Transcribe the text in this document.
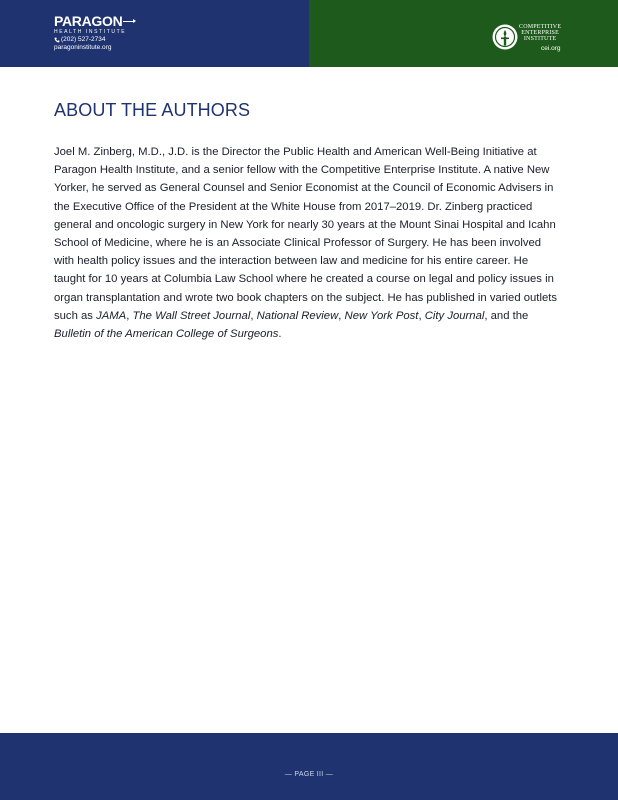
PARAGON
HEALTH INSTITUTE
(202) 527-2734
paragoninstitute.org
COMPETITIVE
ENTERPRISE
INSTITUTE
cei.org
ABOUT THE AUTHORS

Joel M. Zinberg, M.D., J.D. is the Director the Public Health and American Well-Being Initiative at Paragon Health Institute, and a senior fellow with the Competitive Enterprise Institute. A native New Yorker, he served as General Counsel and Senior Economist at the Council of Economic Advisers in the Executive Office of the President at the White House from 2017–2019. Dr. Zinberg practiced general and oncologic surgery in New York for nearly 30 years at the Mount Sinai Hospital and Icahn School of Medicine, where he is an Associate Clinical Professor of Surgery. He has been involved with health policy issues and the interaction between law and medicine for his entire career. He taught for 10 years at Columbia Law School where he created a course on legal and policy issues in organ transplantation and wrote two book chapters on the subject. He has published in varied outlets such as JAMA, The Wall Street Journal, National Review, New York Post, City Journal, and the Bulletin of the American College of Surgeons.

— PAGE III —
